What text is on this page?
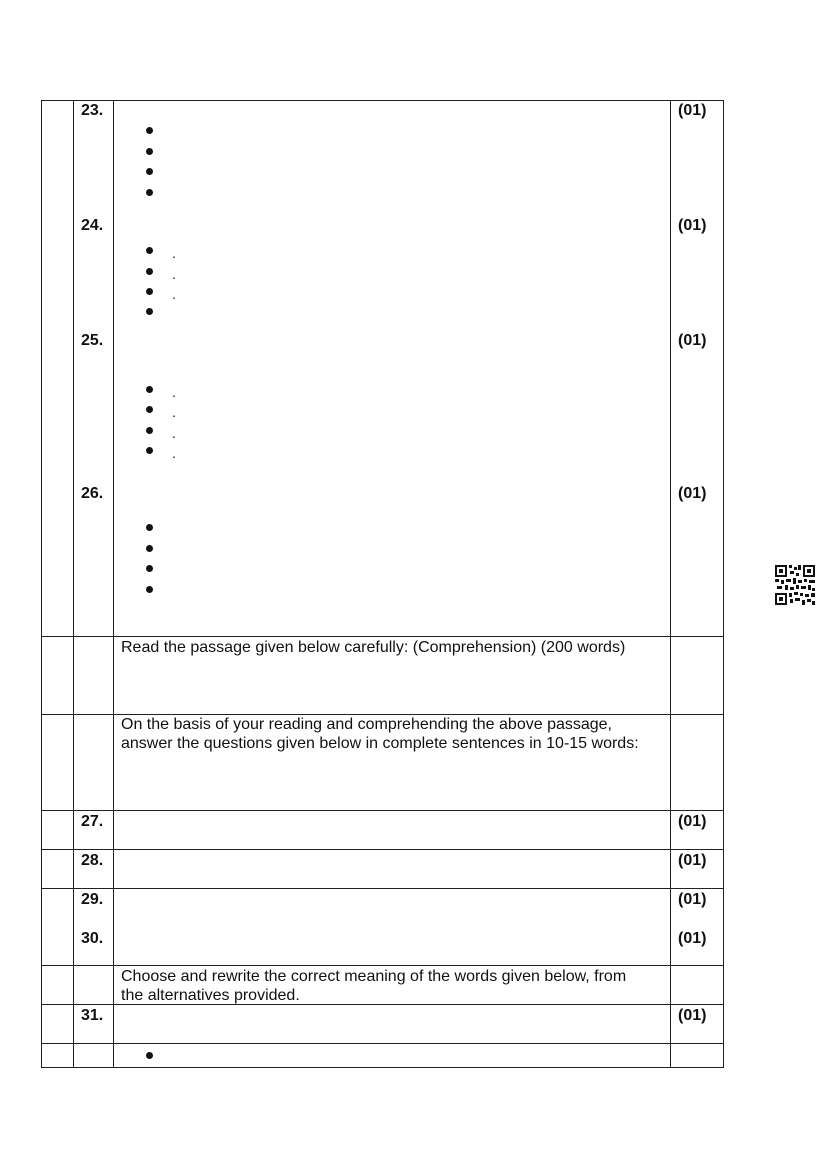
23.	(01)
24.	(01)
.
.
.
25.	(01)
.
.
.
.
26.	(01)
Read the passage given below carefully: (Comprehension) (200 words)
On the basis of your reading and comprehending the above passage,
answer the questions given below in complete sentences in 10-15 words:
27.	(01)
28.	(01)
29.	(01)
30.	(01)
Choose and rewrite the correct meaning of the words given below, from
the alternatives provided.
31.	(01)
